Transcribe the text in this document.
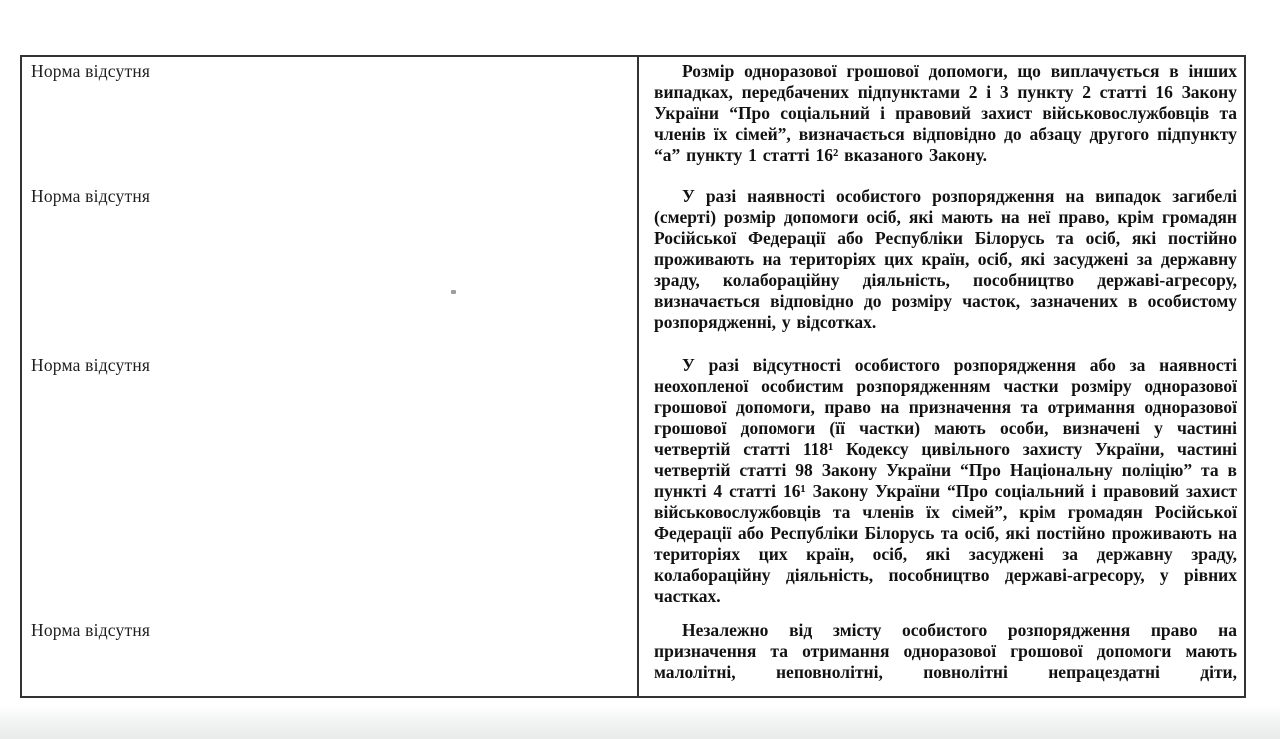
Норма відсутня	Розмір одноразової грошової допомоги, що виплачується в інших випадках, передбачених підпунктами 2 і 3 пункту 2 статті 16 Закону України “Про соціальний і правовий захист військовослужбовців та членів їх сімей”, визначається відповідно до абзацу другого підпункту “а” пункту 1 статті 16² вказаного Закону.

Норма відсутня	У разі наявності особистого розпорядження на випадок загибелі (смерті) розмір допомоги осіб, які мають на неї право, крім громадян Російської Федерації або Республіки Білорусь та осіб, які постійно проживають на територіях цих країн, осіб, які засуджені за державну зраду, колабораційну діяльність, пособництво державі-агресору, визначається відповідно до розміру часток, зазначених в особистому розпорядженні, у відсотках.

Норма відсутня	У разі відсутності особистого розпорядження або за наявності неохопленої особистим розпорядженням частки розміру одноразової грошової допомоги, право на призначення та отримання одноразової грошової допомоги (її частки) мають особи, визначені у частині четвертій статті 118¹ Кодексу цивільного захисту України, частині четвертій статті 98 Закону України “Про Національну поліцію” та в пункті 4 статті 16¹ Закону України “Про соціальний і правовий захист військовослужбовців та членів їх сімей”, крім громадян Російської Федерації або Республіки Білорусь та осіб, які постійно проживають на територіях цих країн, осіб, які засуджені за державну зраду, колабораційну діяльність, пособництво державі-агресору, у рівних частках.

Норма відсутня	Незалежно від змісту особистого розпорядження право на призначення та отримання одноразової грошової допомоги мають малолітні, неповнолітні, повнолітні непрацездатні діти,
